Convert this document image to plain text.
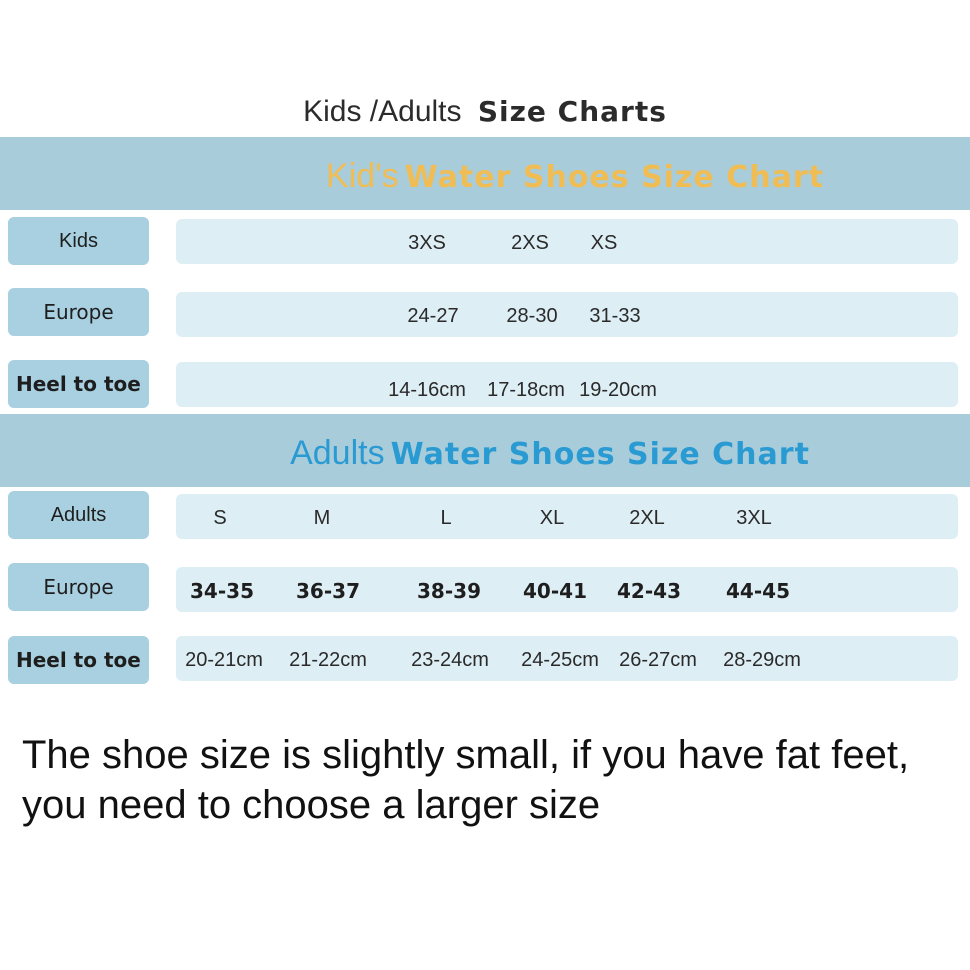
Kids /Adults Size Charts
Kid's Water Shoes Size Chart
Kids	3XS	2XS XS
Europe	24-27 28-30 31-33
Heel to toe	14-16cm 17-18cm 19-20cm
Adults Water Shoes Size Chart
Adults	S	M	L	XL	2XL	3XL
Europe	34-35 36-37	38-39 40-41 42-43 44-45
Heel to toe	20-21cm 21-22cm 23-24cm 24-25cm 26-27cm 28-29cm
The shoe size is slightly small, if you have fat feet,
you need to choose a larger size
